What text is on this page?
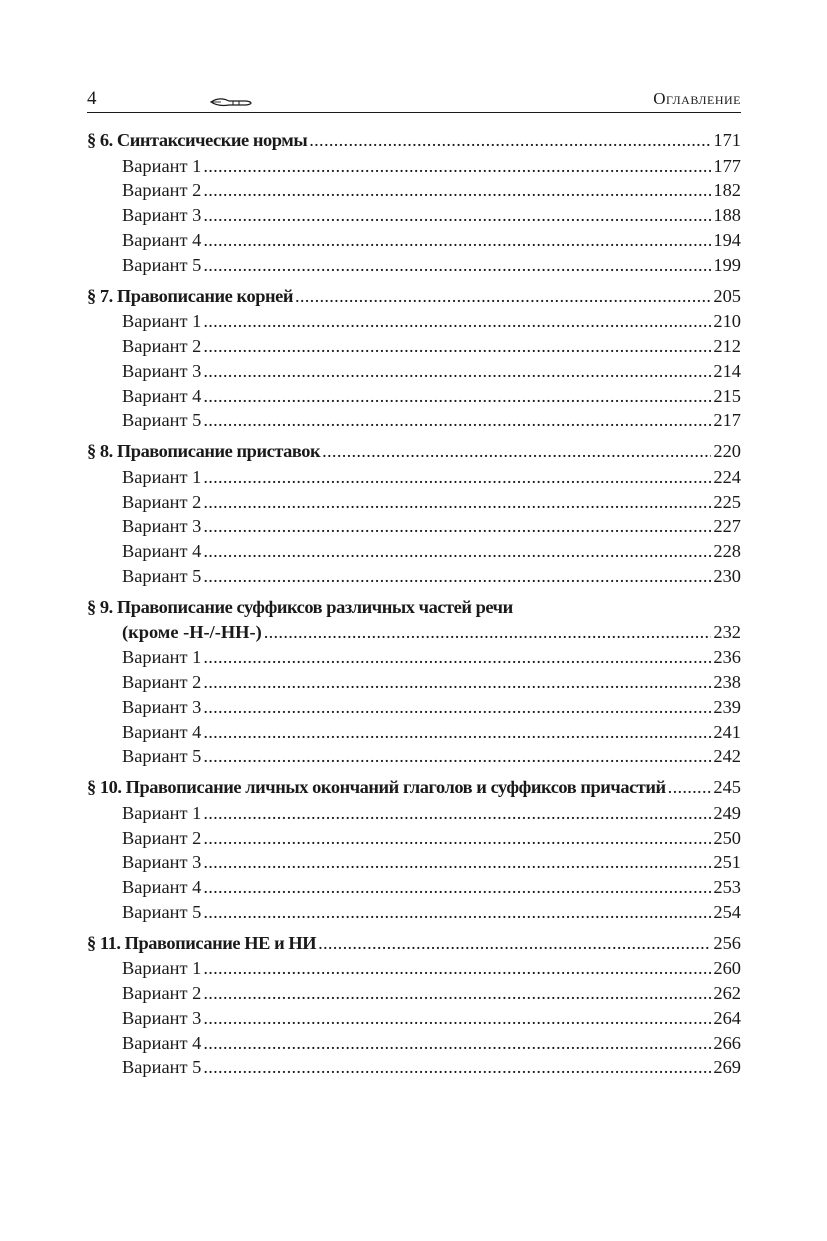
4	Оглавление
§ 6. Синтаксические нормы .....	171
Вариант 1 .....	177
Вариант 2 .....	182
Вариант 3 .....	188
Вариант 4 .....	194
Вариант 5 .....	199
§ 7. Правописание корней .....	205
Вариант 1 .....	210
Вариант 2 .....	212
Вариант 3 .....	214
Вариант 4 .....	215
Вариант 5 .....	217
§ 8. Правописание приставок .....	220
Вариант 1 .....	224
Вариант 2 .....	225
Вариант 3 .....	227
Вариант 4 .....	228
Вариант 5 .....	230
§ 9. Правописание суффиксов различных частей речи
(кроме -Н-/-НН-) .....	232
Вариант 1 .....	236
Вариант 2 .....	238
Вариант 3 .....	239
Вариант 4 .....	241
Вариант 5 .....	242
§ 10. Правописание личных окончаний глаголов и суффиксов причастий .....	245
Вариант 1 .....	249
Вариант 2 .....	250
Вариант 3 .....	251
Вариант 4 .....	253
Вариант 5 .....	254
§ 11. Правописание НЕ и НИ .....	256
Вариант 1 .....	260
Вариант 2 .....	262
Вариант 3 .....	264
Вариант 4 .....	266
Вариант 5 .....	269
